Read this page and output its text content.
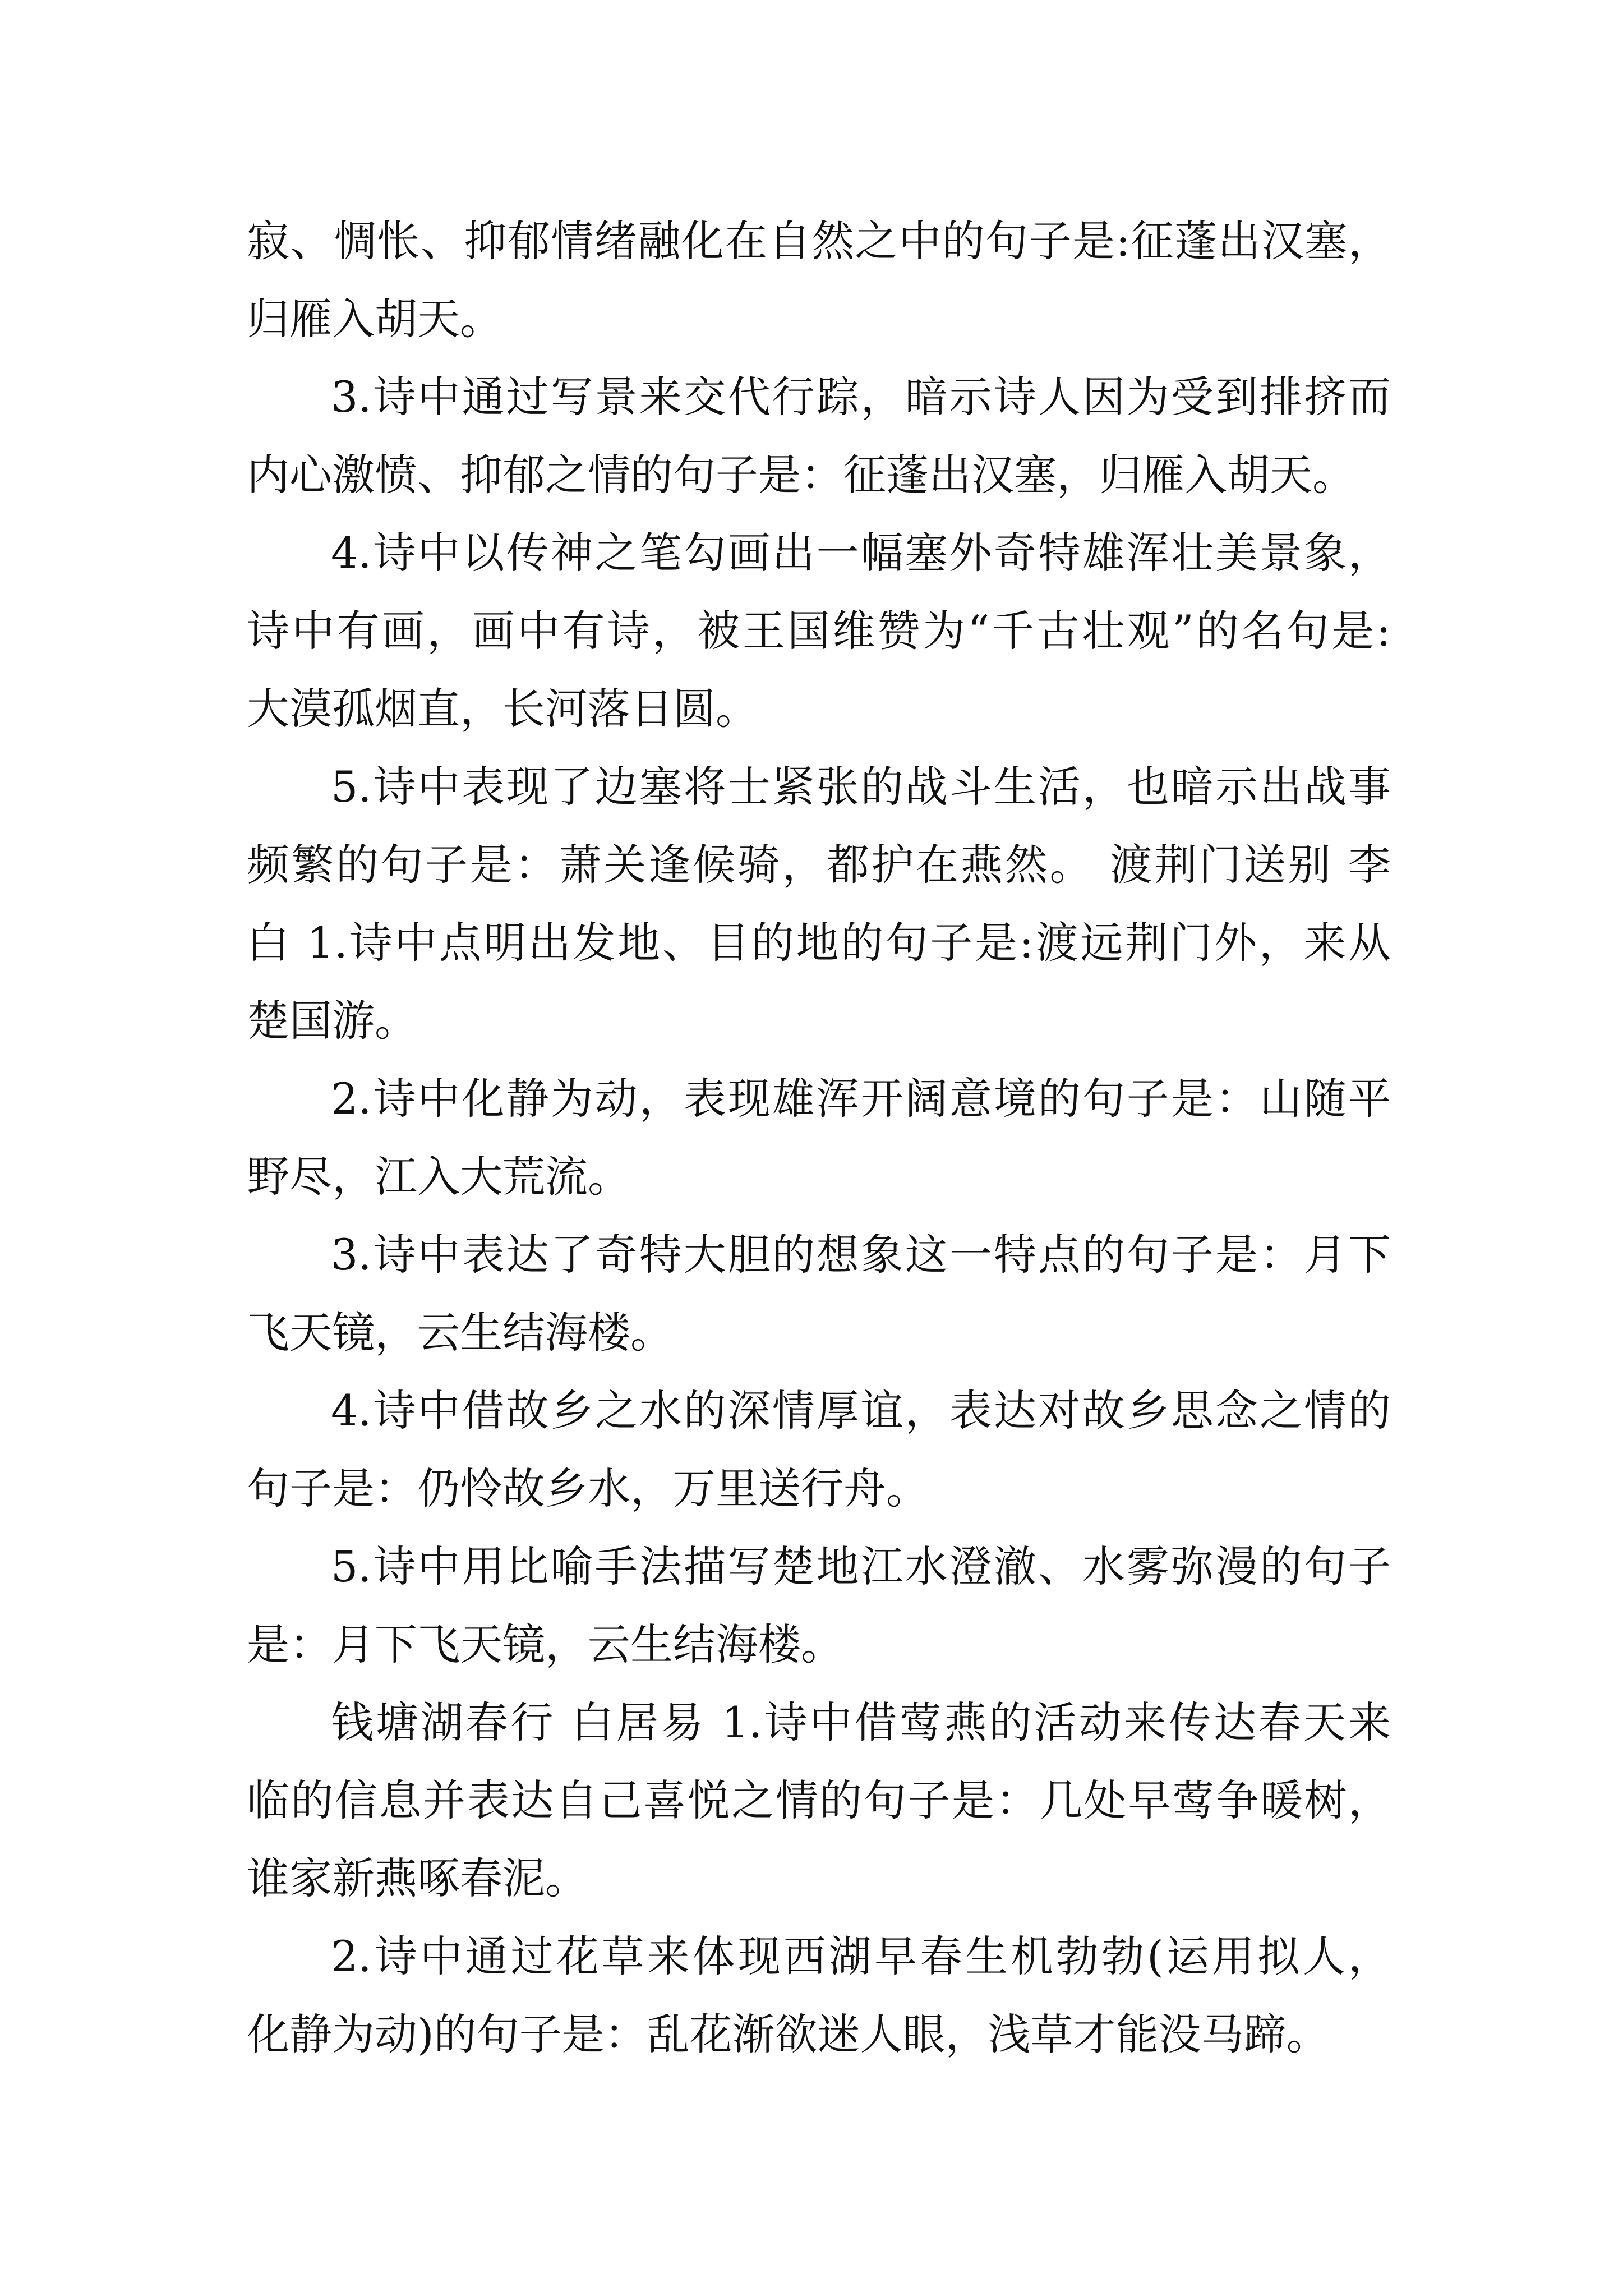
寂、惆怅、抑郁情绪融化在自然之中的句子是:征蓬出汉塞，
归雁入胡天。
3.诗中通过写景来交代行踪，暗示诗人因为受到排挤而
内心激愤、抑郁之情的句子是：征蓬出汉塞，归雁入胡天。
4.诗中以传神之笔勾画出一幅塞外奇特雄浑壮美景象，
诗中有画，画中有诗，被王国维赞为“千古壮观”的名句是:
大漠孤烟直，长河落日圆。
5.诗中表现了边塞将士紧张的战斗生活，也暗示出战事
频繁的句子是：萧关逢候骑，都护在燕然。 渡荆门送别 李
白 1.诗中点明出发地、目的地的句子是:渡远荆门外，来从
楚国游。
2.诗中化静为动，表现雄浑开阔意境的句子是：山随平
野尽，江入大荒流。
3.诗中表达了奇特大胆的想象这一特点的句子是：月下
飞天镜，云生结海楼。
4.诗中借故乡之水的深情厚谊，表达对故乡思念之情的
句子是：仍怜故乡水，万里送行舟。
5.诗中用比喻手法描写楚地江水澄澈、水雾弥漫的句子
是：月下飞天镜，云生结海楼。
钱塘湖春行 白居易 1.诗中借莺燕的活动来传达春天来
临的信息并表达自己喜悦之情的句子是：几处早莺争暖树，
谁家新燕啄春泥。
2.诗中通过花草来体现西湖早春生机勃勃(运用拟人，
化静为动)的句子是：乱花渐欲迷人眼，浅草才能没马蹄。
